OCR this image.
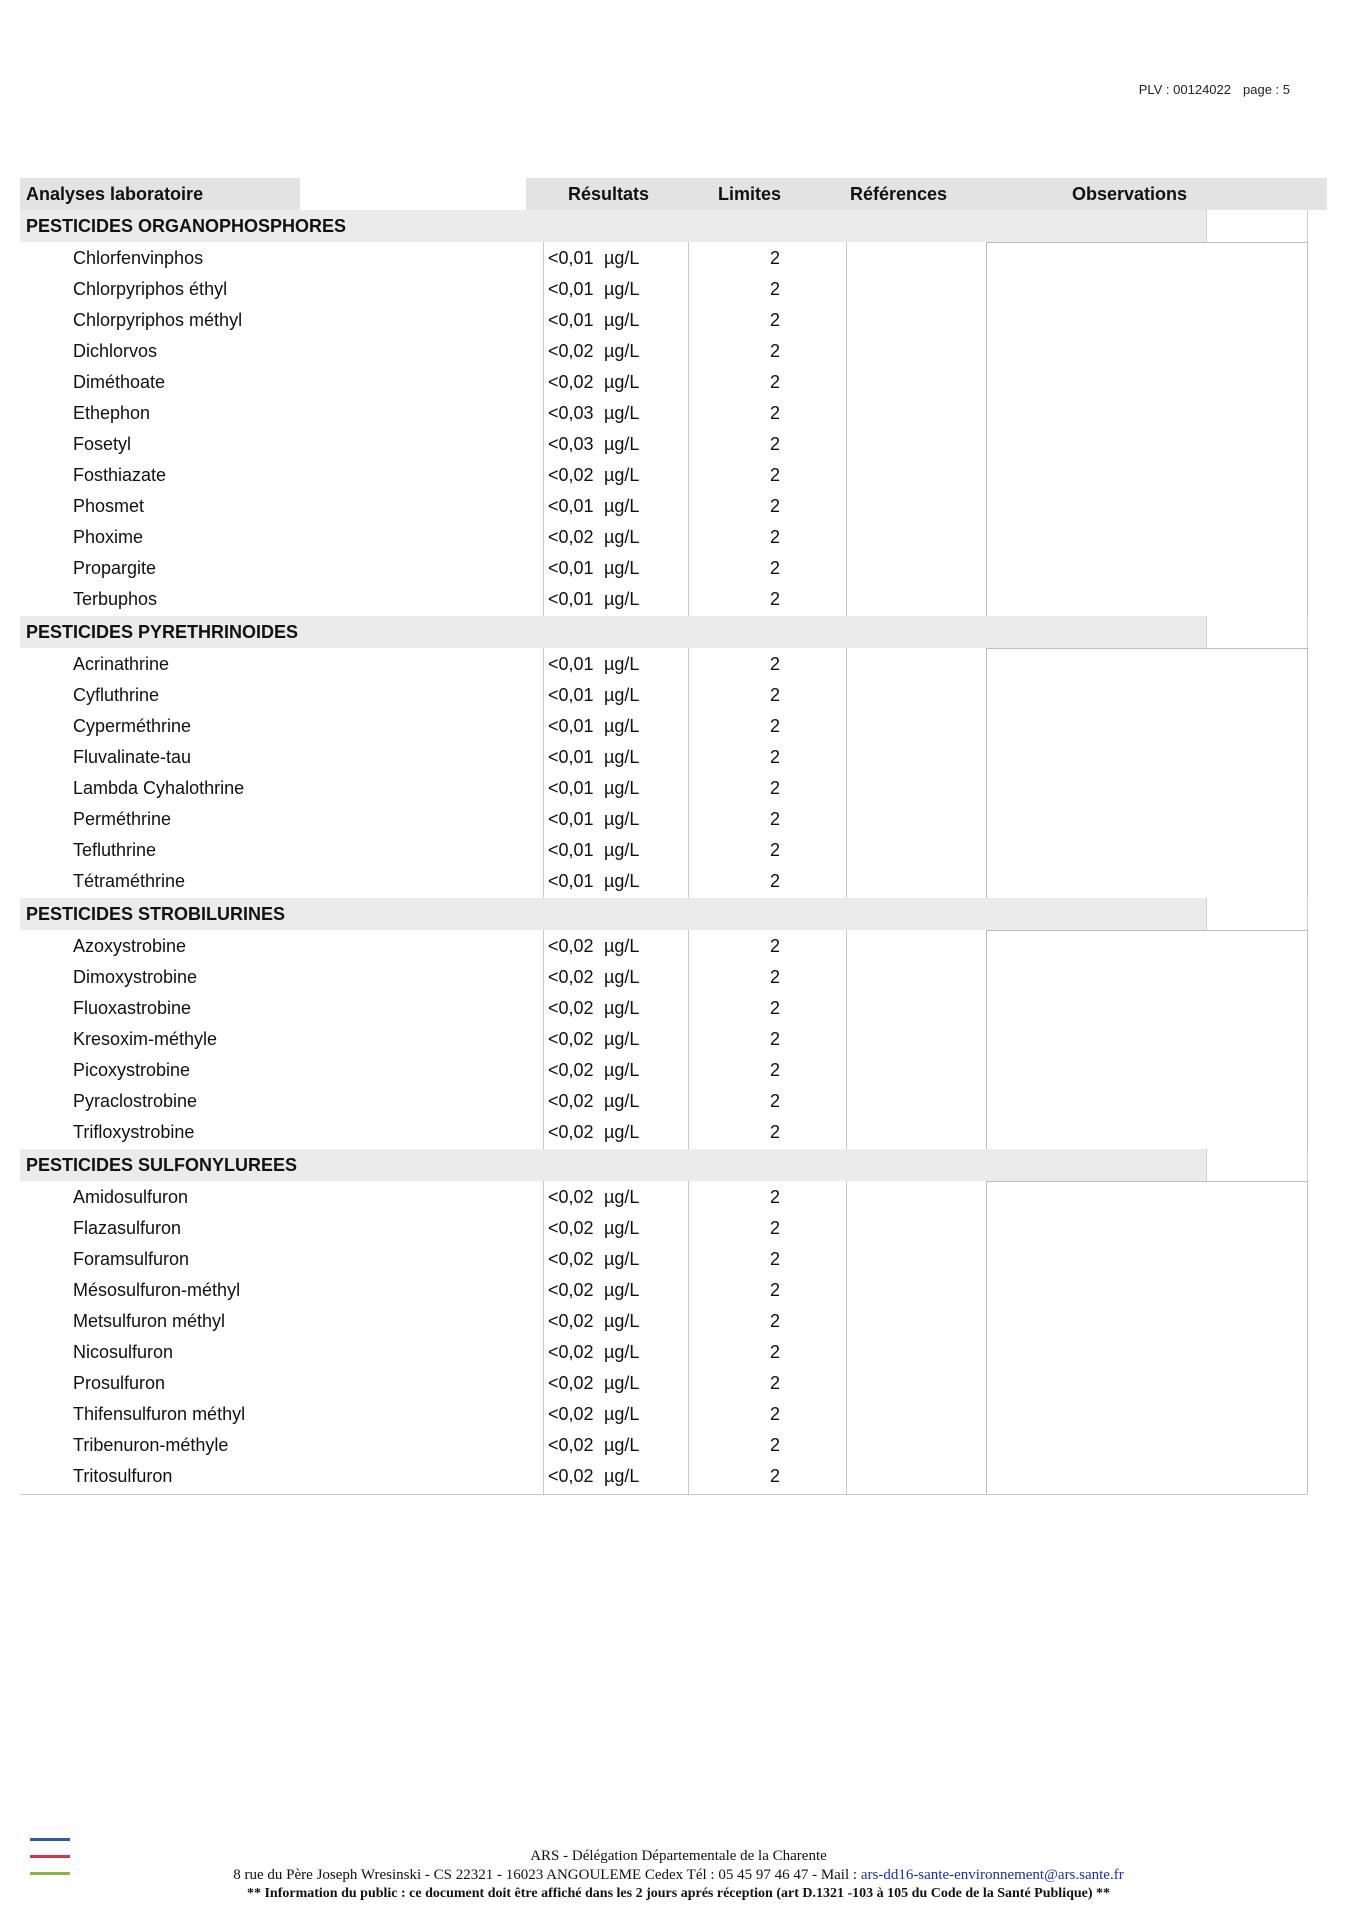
PLV : 00124022 page : 5
Analyses laboratoire	Résultats	Limites	Références	Observations
PESTICIDES ORGANOPHOSPHORES
Chlorfenvinphos	<0,01 µg/L	2
Chlorpyriphos éthyl	<0,01 µg/L	2
Chlorpyriphos méthyl	<0,01 µg/L	2
Dichlorvos	<0,02 µg/L	2
Diméthoate	<0,02 µg/L	2
Ethephon	<0,03 µg/L	2
Fosetyl	<0,03 µg/L	2
Fosthiazate	<0,02 µg/L	2
Phosmet	<0,01 µg/L	2
Phoxime	<0,02 µg/L	2
Propargite	<0,01 µg/L	2
Terbuphos	<0,01 µg/L	2
PESTICIDES PYRETHRINOIDES
Acrinathrine	<0,01 µg/L	2
Cyfluthrine	<0,01 µg/L	2
Cyperméthrine	<0,01 µg/L	2
Fluvalinate-tau	<0,01 µg/L	2
Lambda Cyhalothrine	<0,01 µg/L	2
Perméthrine	<0,01 µg/L	2
Tefluthrine	<0,01 µg/L	2
Tétraméthrine	<0,01 µg/L	2
PESTICIDES STROBILURINES
Azoxystrobine	<0,02 µg/L	2
Dimoxystrobine	<0,02 µg/L	2
Fluoxastrobine	<0,02 µg/L	2
Kresoxim-méthyle	<0,02 µg/L	2
Picoxystrobine	<0,02 µg/L	2
Pyraclostrobine	<0,02 µg/L	2
Trifloxystrobine	<0,02 µg/L	2
PESTICIDES SULFONYLUREES
Amidosulfuron	<0,02 µg/L	2
Flazasulfuron	<0,02 µg/L	2
Foramsulfuron	<0,02 µg/L	2
Mésosulfuron-méthyl	<0,02 µg/L	2
Metsulfuron méthyl	<0,02 µg/L	2
Nicosulfuron	<0,02 µg/L	2
Prosulfuron	<0,02 µg/L	2
Thifensulfuron méthyl	<0,02 µg/L	2
Tribenuron-méthyle	<0,02 µg/L	2
Tritosulfuron	<0,02 µg/L	2
ARS - Délégation Départementale de la Charente
8 rue du Père Joseph Wresinski - CS 22321 - 16023 ANGOULEME Cedex Tél : 05 45 97 46 47 - Mail : ars-dd16-sante-environnement@ars.sante.fr
** Information du public : ce document doit être affiché dans les 2 jours aprés réception (art D.1321 -103 à 105 du Code de la Santé Publique) **
